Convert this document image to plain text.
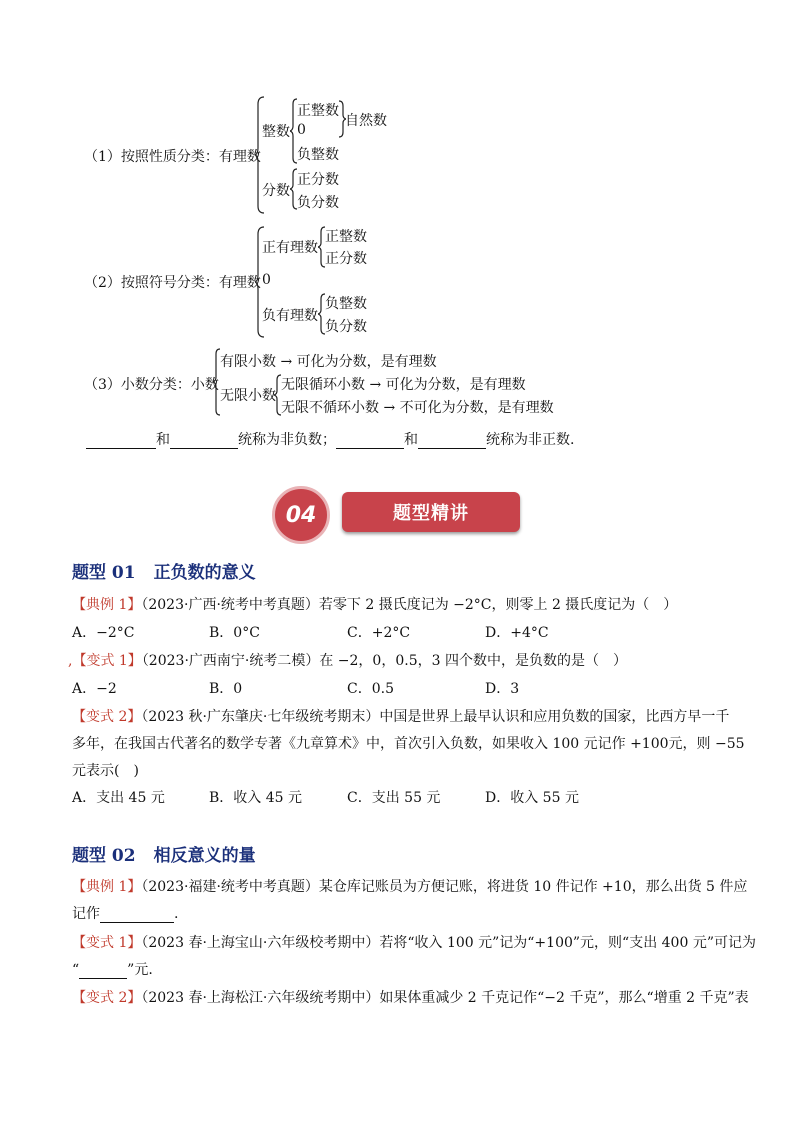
（1）按照性质分类：有理数
整数
正整数
0
自然数
负整数
分数
正分数
负分数
（2）按照符号分类：有理数
正有理数
正整数
正分数
0
负有理数
负整数
负分数
（3）小数分类：小数
有限小数 → 可化为分数，是有理数
无限小数
无限循环小数 → 可化为分数，是有理数
无限不循环小数 → 不可化为分数，是有理数
和	统称为非负数；	和	统称为非正数.
题型精讲
04
题型 01 正负数的意义
【典例 1】（2023·广西·统考中考真题）若零下 2 摄氏度记为 −2°C，则零上 2 摄氏度记为（　）
A．−2°C	B．0°C	C．+2°C	D．+4°C
,【变式 1】（2023·广西南宁·统考二模）在 −2，0，0.5，3 四个数中，是负数的是（　）
A．−2	B．0	C．0.5	D．3
【变式 2】（2023 秋·广东肇庆·七年级统考期末）中国是世界上最早认识和应用负数的国家，比西方早一千
多年，在我国古代著名的数学专著《九章算术》中，首次引入负数，如果收入 100 元记作 +100元，则 −55
元表示(　)
A．支出 45 元	B．收入 45 元	C．支出 55 元	D．收入 55 元
题型 02 相反意义的量
【典例 1】（2023·福建·统考中考真题）某仓库记账员为方便记账，将进货 10 件记作 +10，那么出货 5 件应
记作	.
【变式 1】（2023 春·上海宝山·六年级校考期中）若将“收入 100 元”记为“+100”元，则“支出 400 元”可记为
“	”元.
【变式 2】（2023 春·上海松江·六年级统考期中）如果体重减少 2 千克记作“−2 千克”，那么“增重 2 千克”表
